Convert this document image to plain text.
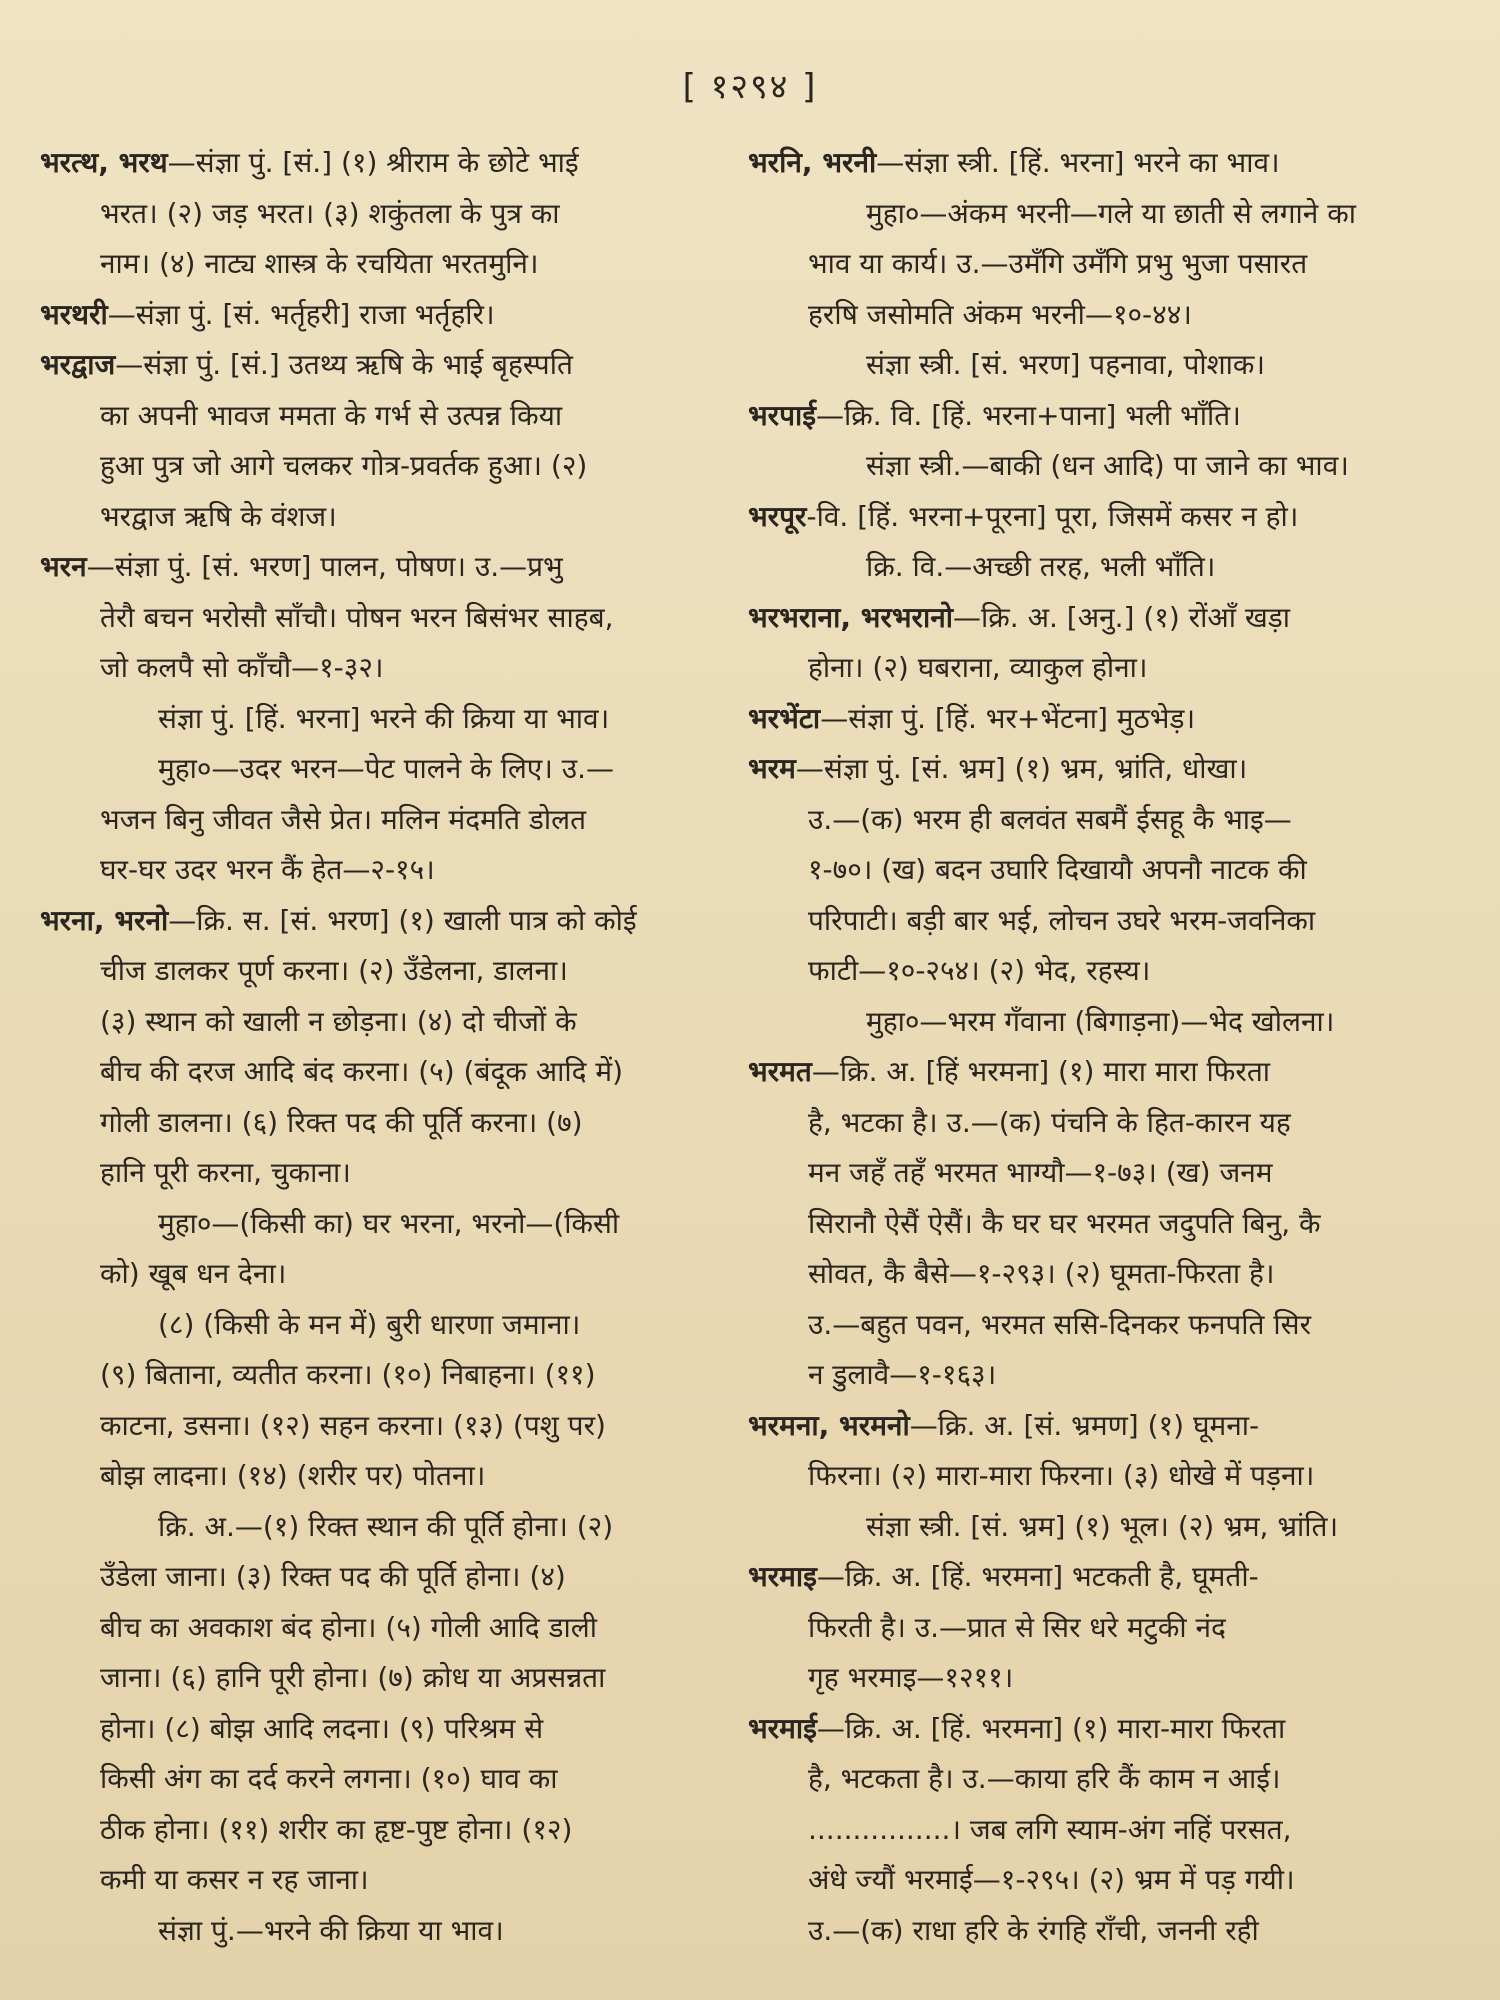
[ १२९४ ]

भरत्थ, भरथ—संज्ञा पुं. [सं.] (१) श्रीराम के छोटे भाई

भरत। (२) जड़ भरत। (३) शकुंतला के पुत्र का

नाम। (४) नाट्य शास्त्र के रचयिता भरतमुनि।

भरथरी—संज्ञा पुं. [सं. भर्तृहरी] राजा भर्तृहरि।

भरद्वाज—संज्ञा पुं. [सं.] उतथ्य ऋषि के भाई बृहस्पति

का अपनी भावज ममता के गर्भ से उत्पन्न किया

हुआ पुत्र जो आगे चलकर गोत्र-प्रवर्तक हुआ। (२)

भरद्वाज ऋषि के वंशज।

भरन—संज्ञा पुं. [सं. भरण] पालन, पोषण। उ.—प्रभु

तेरौ बचन भरोसौ साँचौ। पोषन भरन बिसंभर साहब,

जो कलपै सो काँचौ—१-३२।

संज्ञा पुं. [हिं. भरना] भरने की क्रिया या भाव।

मुहा०—उदर भरन—पेट पालने के लिए। उ.—

भजन बिनु जीवत जैसे प्रेत। मलिन मंदमति डोलत

घर-घर उदर भरन कैं हेत—२-१५।

भरना, भरनो—क्रि. स. [सं. भरण] (१) खाली पात्र को कोई

चीज डालकर पूर्ण करना। (२) उँडेलना, डालना।

(३) स्थान को खाली न छोड़ना। (४) दो चीजों के

बीच की दरज आदि बंद करना। (५) (बंदूक आदि में)

गोली डालना। (६) रिक्त पद की पूर्ति करना। (७)

हानि पूरी करना, चुकाना।

मुहा०—(किसी का) घर भरना, भरनो—(किसी

को) खूब धन देना।

(८) (किसी के मन में) बुरी धारणा जमाना।

(९) बिताना, व्यतीत करना। (१०) निबाहना। (११)

काटना, डसना। (१२) सहन करना। (१३) (पशु पर)

बोझ लादना। (१४) (शरीर पर) पोतना।

क्रि. अ.—(१) रिक्त स्थान की पूर्ति होना। (२)

उँडेला जाना। (३) रिक्त पद की पूर्ति होना। (४)

बीच का अवकाश बंद होना। (५) गोली आदि डाली

जाना। (६) हानि पूरी होना। (७) क्रोध या अप्रसन्नता

होना। (८) बोझ आदि लदना। (९) परिश्रम से

किसी अंग का दर्द करने लगना। (१०) घाव का

ठीक होना। (११) शरीर का हृष्ट-पुष्ट होना। (१२)

कमी या कसर न रह जाना।

संज्ञा पुं.—भरने की क्रिया या भाव।

भरनि, भरनी—संज्ञा स्त्री. [हिं. भरना] भरने का भाव।

मुहा०—अंकम भरनी—गले या छाती से लगाने का

भाव या कार्य। उ.—उमँगि उमँगि प्रभु भुजा पसारत

हरषि जसोमति अंकम भरनी—१०-४४।

संज्ञा स्त्री. [सं. भरण] पहनावा, पोशाक।

भरपाई—क्रि. वि. [हिं. भरना+पाना] भली भाँति।

संज्ञा स्त्री.—बाकी (धन आदि) पा जाने का भाव।

भरपूर-वि. [हिं. भरना+पूरना] पूरा, जिसमें कसर न हो।

क्रि. वि.—अच्छी तरह, भली भाँति।

भरभराना, भरभरानो—क्रि. अ. [अनु.] (१) रोंआँ खड़ा

होना। (२) घबराना, व्याकुल होना।

भरभेंटा—संज्ञा पुं. [हिं. भर+भेंटना] मुठभेड़।

भरम—संज्ञा पुं. [सं. भ्रम] (१) भ्रम, भ्रांति, धोखा।

उ.—(क) भरम ही बलवंत सबमैं ईसहू कै भाइ—

१-७०। (ख) बदन उघारि दिखायौ अपनौ नाटक की

परिपाटी। बड़ी बार भई, लोचन उघरे भरम-जवनिका

फाटी—१०-२५४। (२) भेद, रहस्य।

मुहा०—भरम गँवाना (बिगाड़ना)—भेद खोलना।

भरमत—क्रि. अ. [हिं भरमना] (१) मारा मारा फिरता

है, भटका है। उ.—(क) पंचनि के हित-कारन यह

मन जहँ तहँ भरमत भाग्यौ—१-७३। (ख) जनम

सिरानौ ऐसैं ऐसैं। कै घर घर भरमत जदुपति बिनु, कै

सोवत, कै बैसे—१-२९३। (२) घूमता-फिरता है।

उ.—बहुत पवन, भरमत ससि-दिनकर फनपति सिर

न डुलावै—१-१६३।

भरमना, भरमनो—क्रि. अ. [सं. भ्रमण] (१) घूमना-

फिरना। (२) मारा-मारा फिरना। (३) धोखे में पड़ना।

संज्ञा स्त्री. [सं. भ्रम] (१) भूल। (२) भ्रम, भ्रांति।

भरमाइ—क्रि. अ. [हिं. भरमना] भटकती है, घूमती-

फिरती है। उ.—प्रात से सिर धरे मटुकी नंद

गृह भरमाइ—१२११।

भरमाई—क्रि. अ. [हिं. भरमना] (१) मारा-मारा फिरता

है, भटकता है। उ.—काया हरि कैं काम न आई।

................। जब लगि स्याम-अंग नहिं परसत,

अंधे ज्यौं भरमाई—१-२९५। (२) भ्रम में पड़ गयी।

उ.—(क) राधा हरि के रंगहि राँची, जननी रही
